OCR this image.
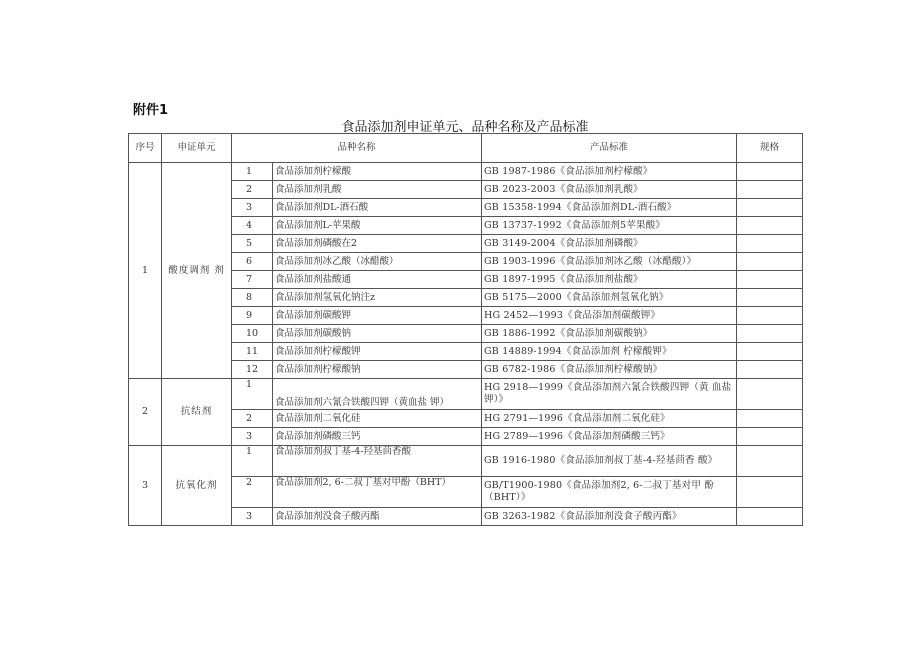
附件1
食品添加剂申证单元、品种名称及产品标准
序号	申证单元	品种名称		产品标准	规格
1	酸度调剂 剂	1	食品添加剂柠檬酸	GB 1987-1986《食品添加剂柠檬酸》	
		2	食品添加剂乳酸	GB 2023-2003《食品添加剂乳酸》	
		3	食品添加剂DL-酒石酸	GB 15358-1994《食品添加剂DL-酒石酸》	
		4	食品添加剂L-苹果酸	GB 13737-1992《食品添加剂5苹果酸》	
		5	食品添加剂磷酸在2	GB 3149-2004《食品添加剂磷酸》	
		6	食品添加剂冰乙酸（冰醋酸）	GB 1903-1996《食品添加剂冰乙酸（冰醋酸）》	
		7	食品添加剂盐酸通	GB 1897-1995《食品添加剂盐酸》	
		8	食品添加剂氢氧化钠注z	GB 5175—2000《食品添加剂氢氧化钠》	
		9	食品添加剂碳酸钾	HG 2452—1993《食品添加剂碳酸钾》	
		10	食品添加剂碳酸钠	GB 1886-1992《食品添加剂碳酸钠》	
		11	食品添加剂柠檬酸钾	GB 14889-1994《食品添加剂 柠檬酸钾》	
		12	食品添加剂柠檬酸钠	GB 6782-1986《食品添加剂柠檬酸钠》	
2	抗结剂	1	食品添加剂六氰合铁酸四钾（黄血盐 钾）	HG 2918—1999《食品添加剂六氰合铁酸四钾（黄 血盐钾）》	
		2	食品添加剂二氧化硅	HG 2791—1996《食品添加剂二氧化硅》	
		3	食品添加剂磷酸三钙	HG 2789—1996《食品添加剂磷酸三钙》	
3	抗氧化剂	1	食品添加剂叔丁基-4-羟基茴香酸	GB 1916-1980《食品添加剂叔丁基-4-羟基茴香 酸》	
		2	食品添加剂2, 6-二叔丁基对甲酚（BHT）	GB/T1900-1980《食品添加剂2, 6-二叔丁基对甲 酚（BHT）》	
		3	食品添加剂没食子酸丙酯	GB 3263-1982《食品添加剂没食子酸丙酯》	
